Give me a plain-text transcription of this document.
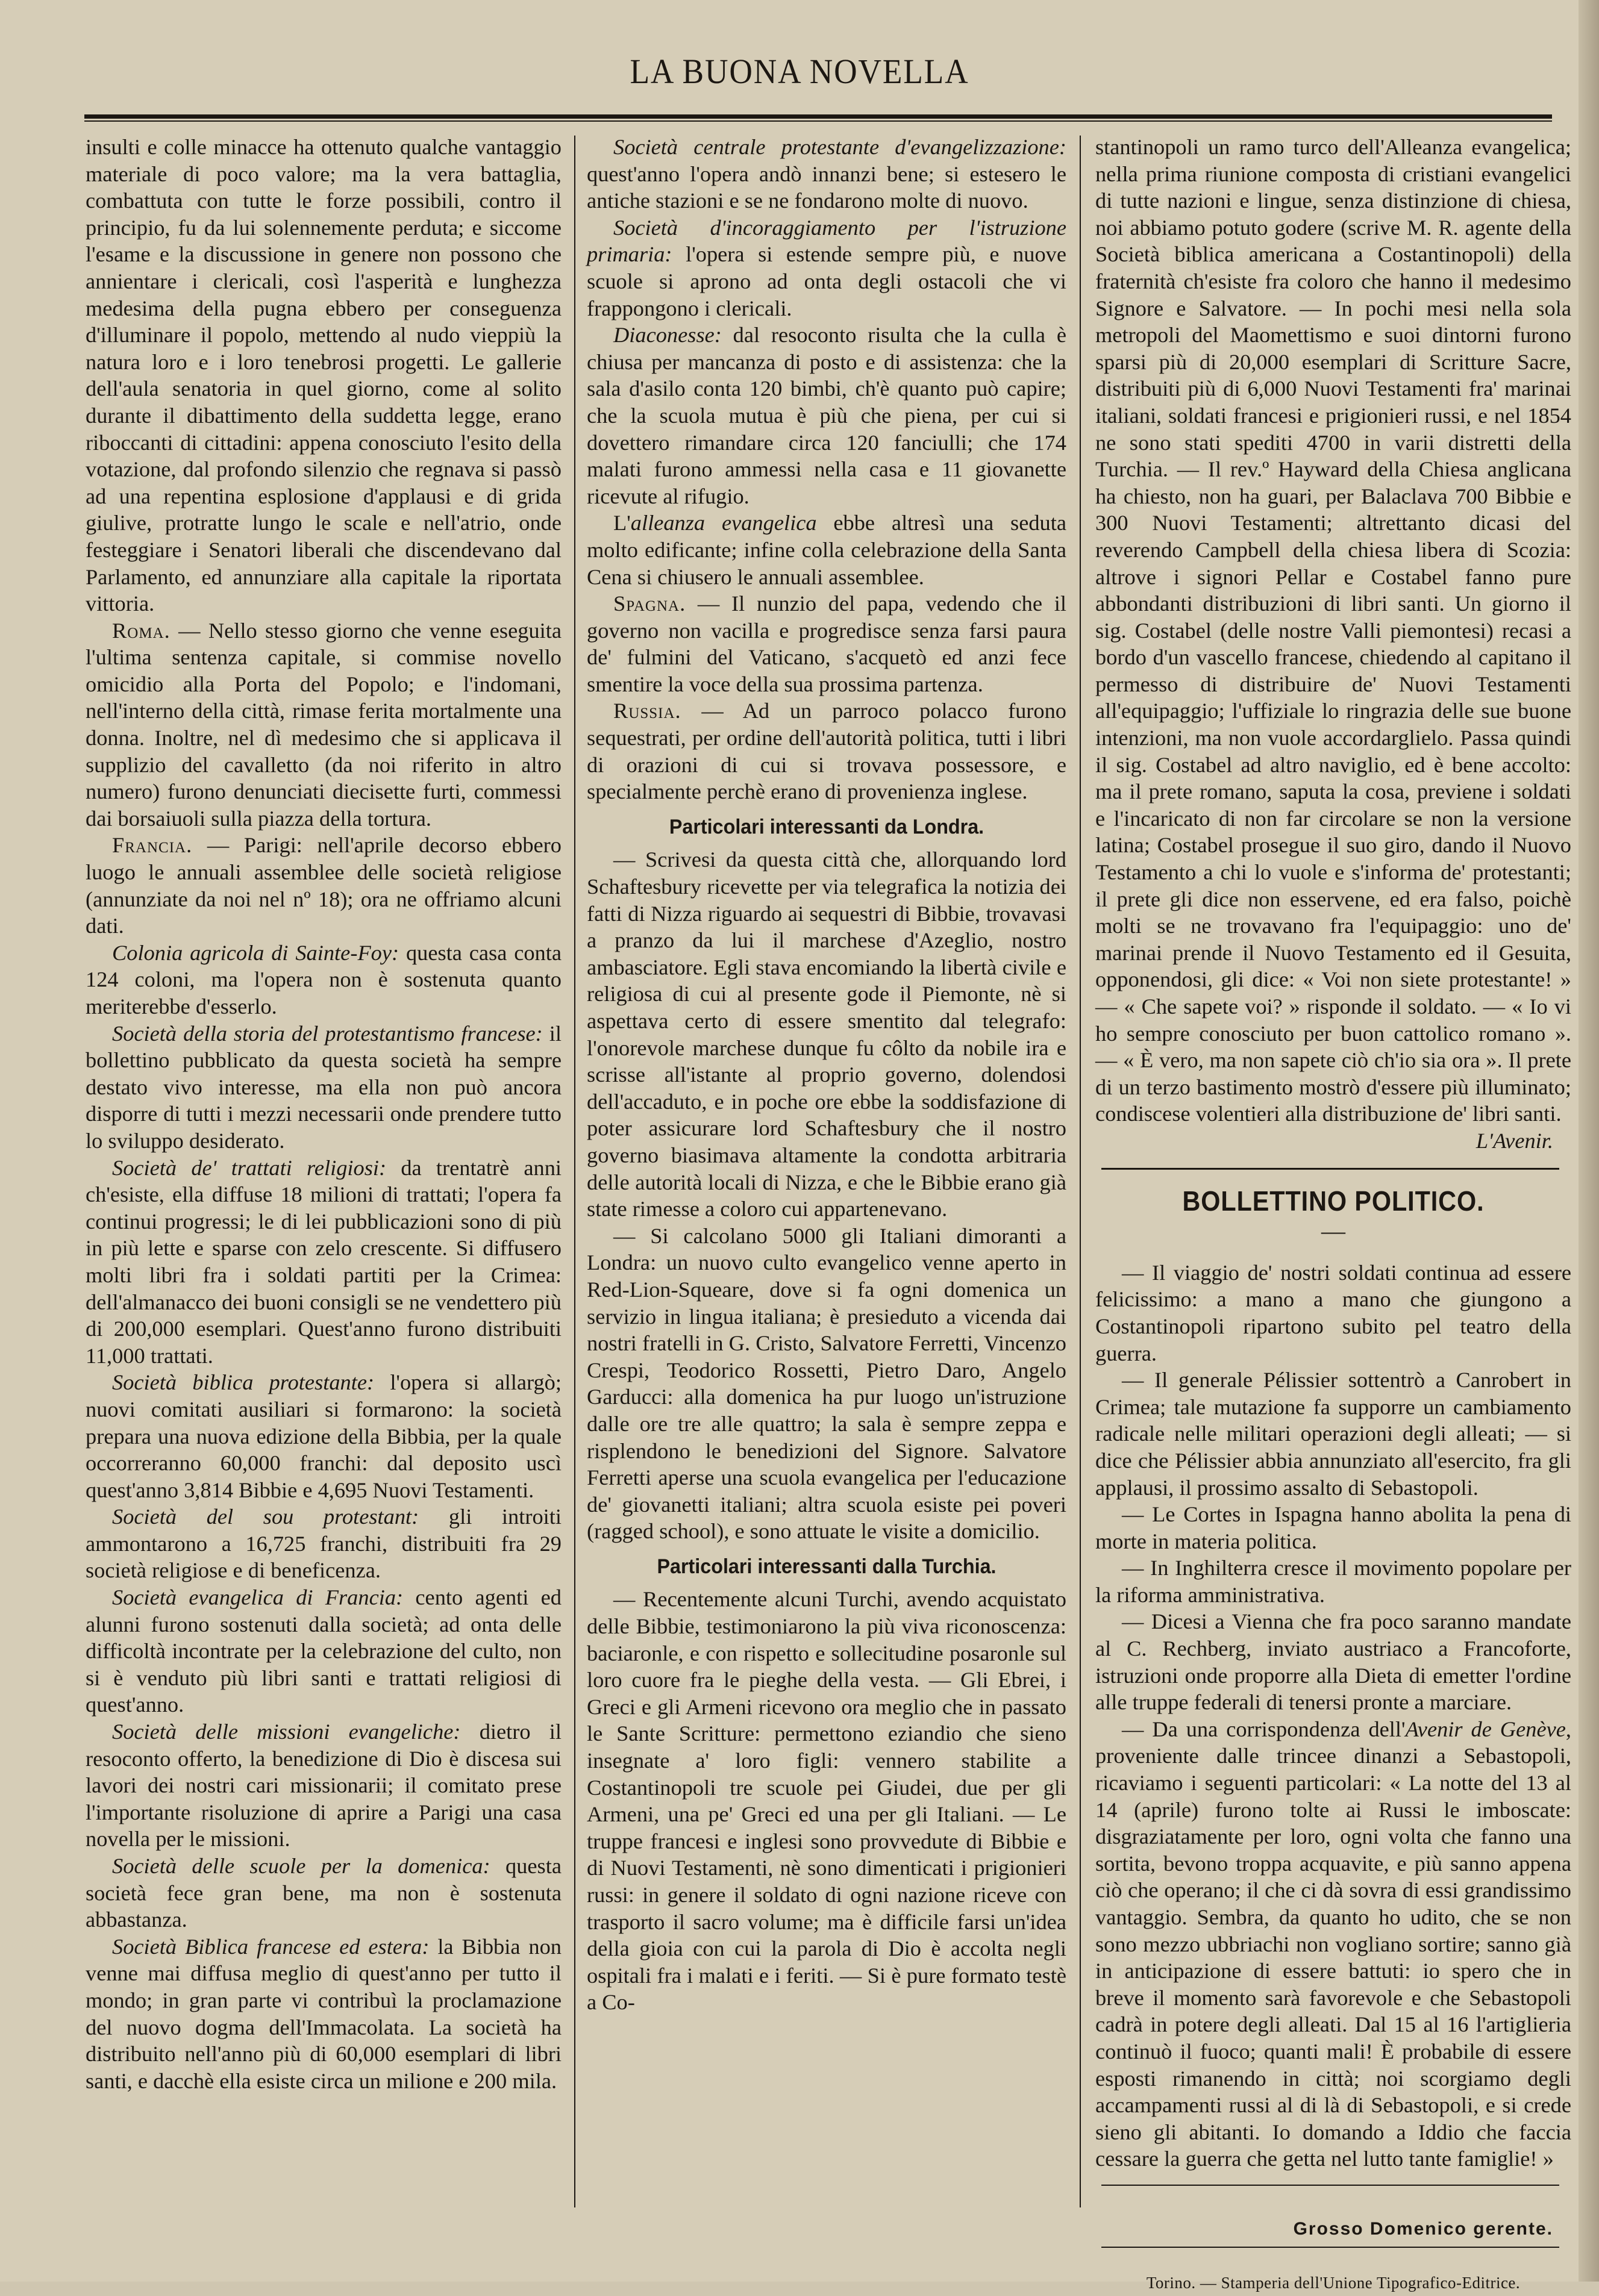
LA BUONA NOVELLA

insulti e colle minacce ha ottenuto qualche vantaggio materiale di poco valore; ma la vera battaglia, combattuta con tutte le forze possibili, contro il principio, fu da lui solennemente perduta; e siccome l'esame e la discussione in genere non possono che annientare i clericali, così l'asperità e lunghezza medesima della pugna ebbero per conseguenza d'illuminare il popolo, mettendo al nudo vieppiù la natura loro e i loro tenebrosi progetti. Le gallerie dell'aula senatoria in quel giorno, come al solito durante il dibattimento della suddetta legge, erano riboccanti di cittadini: appena conosciuto l'esito della votazione, dal profondo silenzio che regnava si passò ad una repentina esplosione d'applausi e di grida giulive, protratte lungo le scale e nell'atrio, onde festeggiare i Senatori liberali che discendevano dal Parlamento, ed annunziare alla capitale la riportata vittoria.

Roma. — Nello stesso giorno che venne eseguita l'ultima sentenza capitale, si commise novello omicidio alla Porta del Popolo; e l'indomani, nell'interno della città, rimase ferita mortalmente una donna. Inoltre, nel dì medesimo che si applicava il supplizio del cavalletto (da noi riferito in altro numero) furono denunciati diecisette furti, commessi dai borsaiuoli sulla piazza della tortura.

Francia. — Parigi: nell'aprile decorso ebbero luogo le annuali assemblee delle società religiose (annunziate da noi nel nº 18); ora ne offriamo alcuni dati.

Colonia agricola di Sainte-Foy: questa casa conta 124 coloni, ma l'opera non è sostenuta quanto meriterebbe d'esserlo.

Società della storia del protestantismo francese: il bollettino pubblicato da questa società ha sempre destato vivo interesse, ma ella non può ancora disporre di tutti i mezzi necessarii onde prendere tutto lo sviluppo desiderato.

Società de' trattati religiosi: da trentatrè anni ch'esiste, ella diffuse 18 milioni di trattati; l'opera fa continui progressi; le di lei pubblicazioni sono di più in più lette e sparse con zelo crescente. Si diffusero molti libri fra i soldati partiti per la Crimea: dell'almanacco dei buoni consigli se ne vendettero più di 200,000 esemplari. Quest'anno furono distribuiti 11,000 trattati.

Società biblica protestante: l'opera si allargò; nuovi comitati ausiliari si formarono: la società prepara una nuova edizione della Bibbia, per la quale occorreranno 60,000 franchi: dal deposito uscì quest'anno 3,814 Bibbie e 4,695 Nuovi Testamenti.

Società del sou protestant: gli introiti ammontarono a 16,725 franchi, distribuiti fra 29 società religiose e di beneficenza.

Società evangelica di Francia: cento agenti ed alunni furono sostenuti dalla società; ad onta delle difficoltà incontrate per la celebrazione del culto, non si è venduto più libri santi e trattati religiosi di quest'anno.

Società delle missioni evangeliche: dietro il resoconto offerto, la benedizione di Dio è discesa sui lavori dei nostri cari missionarii; il comitato prese l'importante risoluzione di aprire a Parigi una casa novella per le missioni.

Società delle scuole per la domenica: questa società fece gran bene, ma non è sostenuta abbastanza.

Società Biblica francese ed estera: la Bibbia non venne mai diffusa meglio di quest'anno per tutto il mondo; in gran parte vi contribuì la proclamazione del nuovo dogma dell'Immacolata. La società ha distribuito nell'anno più di 60,000 esemplari di libri santi, e dacchè ella esiste circa un milione e 200 mila.

Società centrale protestante d'evangelizzazione: quest'anno l'opera andò innanzi bene; si estesero le antiche stazioni e se ne fondarono molte di nuovo.

Società d'incoraggiamento per l'istruzione primaria: l'opera si estende sempre più, e nuove scuole si aprono ad onta degli ostacoli che vi frappongono i clericali.

Diaconesse: dal resoconto risulta che la culla è chiusa per mancanza di posto e di assistenza: che la sala d'asilo conta 120 bimbi, ch'è quanto può capire; che la scuola mutua è più che piena, per cui si dovettero rimandare circa 120 fanciulli; che 174 malati furono ammessi nella casa e 11 giovanette ricevute al rifugio.

L'alleanza evangelica ebbe altresì una seduta molto edificante; infine colla celebrazione della Santa Cena si chiusero le annuali assemblee.

Spagna. — Il nunzio del papa, vedendo che il governo non vacilla e progredisce senza farsi paura de' fulmini del Vaticano, s'acquetò ed anzi fece smentire la voce della sua prossima partenza.

Russia. — Ad un parroco polacco furono sequestrati, per ordine dell'autorità politica, tutti i libri di orazioni di cui si trovava possessore, e specialmente perchè erano di provenienza inglese.

Particolari interessanti da Londra.

— Scrivesi da questa città che, allorquando lord Schaftesbury ricevette per via telegrafica la notizia dei fatti di Nizza riguardo ai sequestri di Bibbie, trovavasi a pranzo da lui il marchese d'Azeglio, nostro ambasciatore. Egli stava encomiando la libertà civile e religiosa di cui al presente gode il Piemonte, nè si aspettava certo di essere smentito dal telegrafo: l'onorevole marchese dunque fu côlto da nobile ira e scrisse all'istante al proprio governo, dolendosi dell'accaduto, e in poche ore ebbe la soddisfazione di poter assicurare lord Schaftesbury che il nostro governo biasimava altamente la condotta arbitraria delle autorità locali di Nizza, e che le Bibbie erano già state rimesse a coloro cui appartenevano.

— Si calcolano 5000 gli Italiani dimoranti a Londra: un nuovo culto evangelico venne aperto in Red-Lion-Squeare, dove si fa ogni domenica un servizio in lingua italiana; è presieduto a vicenda dai nostri fratelli in G. Cristo, Salvatore Ferretti, Vincenzo Crespi, Teodorico Rossetti, Pietro Daro, Angelo Garducci: alla domenica ha pur luogo un'istruzione dalle ore tre alle quattro; la sala è sempre zeppa e risplendono le benedizioni del Signore. Salvatore Ferretti aperse una scuola evangelica per l'educazione de' giovanetti italiani; altra scuola esiste pei poveri (ragged school), e sono attuate le visite a domicilio.

Particolari interessanti dalla Turchia.

— Recentemente alcuni Turchi, avendo acquistato delle Bibbie, testimoniarono la più viva riconoscenza: baciaronle, e con rispetto e sollecitudine posaronle sul loro cuore fra le pieghe della vesta. — Gli Ebrei, i Greci e gli Armeni ricevono ora meglio che in passato le Sante Scritture: permettono eziandio che sieno insegnate a' loro figli: vennero stabilite a Costantinopoli tre scuole pei Giudei, due per gli Armeni, una pe' Greci ed una per gli Italiani. — Le truppe francesi e inglesi sono provvedute di Bibbie e di Nuovi Testamenti, nè sono dimenticati i prigionieri russi: in genere il soldato di ogni nazione riceve con trasporto il sacro volume; ma è difficile farsi un'idea della gioia con cui la parola di Dio è accolta negli ospitali fra i malati e i feriti. — Si è pure formato testè a Co-

stantinopoli un ramo turco dell'Alleanza evangelica; nella prima riunione composta di cristiani evangelici di tutte nazioni e lingue, senza distinzione di chiesa, noi abbiamo potuto godere (scrive M. R. agente della Società biblica americana a Costantinopoli) della fraternità ch'esiste fra coloro che hanno il medesimo Signore e Salvatore. — In pochi mesi nella sola metropoli del Maomettismo e suoi dintorni furono sparsi più di 20,000 esemplari di Scritture Sacre, distribuiti più di 6,000 Nuovi Testamenti fra' marinai italiani, soldati francesi e prigionieri russi, e nel 1854 ne sono stati spediti 4700 in varii distretti della Turchia. — Il rev.º Hayward della Chiesa anglicana ha chiesto, non ha guari, per Balaclava 700 Bibbie e 300 Nuovi Testamenti; altrettanto dicasi del reverendo Campbell della chiesa libera di Scozia: altrove i signori Pellar e Costabel fanno pure abbondanti distribuzioni di libri santi. Un giorno il sig. Costabel (delle nostre Valli piemontesi) recasi a bordo d'un vascello francese, chiedendo al capitano il permesso di distribuire de' Nuovi Testamenti all'equipaggio; l'uffiziale lo ringrazia delle sue buone intenzioni, ma non vuole accordarglielo. Passa quindi il sig. Costabel ad altro naviglio, ed è bene accolto: ma il prete romano, saputa la cosa, previene i soldati e l'incaricato di non far circolare se non la versione latina; Costabel prosegue il suo giro, dando il Nuovo Testamento a chi lo vuole e s'informa de' protestanti; il prete gli dice non esservene, ed era falso, poichè molti se ne trovavano fra l'equipaggio: uno de' marinai prende il Nuovo Testamento ed il Gesuita, opponendosi, gli dice: « Voi non siete protestante! » — « Che sapete voi? » risponde il soldato. — « Io vi ho sempre conosciuto per buon cattolico romano ». — « È vero, ma non sapete ciò ch'io sia ora ». Il prete di un terzo bastimento mostrò d'essere più illuminato; condiscese volentieri alla distribuzione de' libri santi.

L'Avenir.

BOLLETTINO POLITICO.

—

— Il viaggio de' nostri soldati continua ad essere felicissimo: a mano a mano che giungono a Costantinopoli ripartono subito pel teatro della guerra.

— Il generale Pélissier sottentrò a Canrobert in Crimea; tale mutazione fa supporre un cambiamento radicale nelle militari operazioni degli alleati; — si dice che Pélissier abbia annunziato all'esercito, fra gli applausi, il prossimo assalto di Sebastopoli.

— Le Cortes in Ispagna hanno abolita la pena di morte in materia politica.

— In Inghilterra cresce il movimento popolare per la riforma amministrativa.

— Dicesi a Vienna che fra poco saranno mandate al C. Rechberg, inviato austriaco a Francoforte, istruzioni onde proporre alla Dieta di emetter l'ordine alle truppe federali di tenersi pronte a marciare.

— Da una corrispondenza dell'Avenir de Genève, proveniente dalle trincee dinanzi a Sebastopoli, ricaviamo i seguenti particolari: « La notte del 13 al 14 (aprile) furono tolte ai Russi le imboscate: disgraziatamente per loro, ogni volta che fanno una sortita, bevono troppa acquavite, e più sanno appena ciò che operano; il che ci dà sovra di essi grandissimo vantaggio. Sembra, da quanto ho udito, che se non sono mezzo ubbriachi non vogliano sortire; sanno già in anticipazione di essere battuti: io spero che in breve il momento sarà favorevole e che Sebastopoli cadrà in potere degli alleati. Dal 15 al 16 l'artiglieria continuò il fuoco; quanti mali! È probabile di essere esposti rimanendo in città; noi scorgiamo degli accampamenti russi al di là di Sebastopoli, e si crede sieno gli abitanti. Io domando a Iddio che faccia cessare la guerra che getta nel lutto tante famiglie! »

Grosso Domenico gerente.

Torino. — Stamperia dell'Unione Tipografico-Editrice.
